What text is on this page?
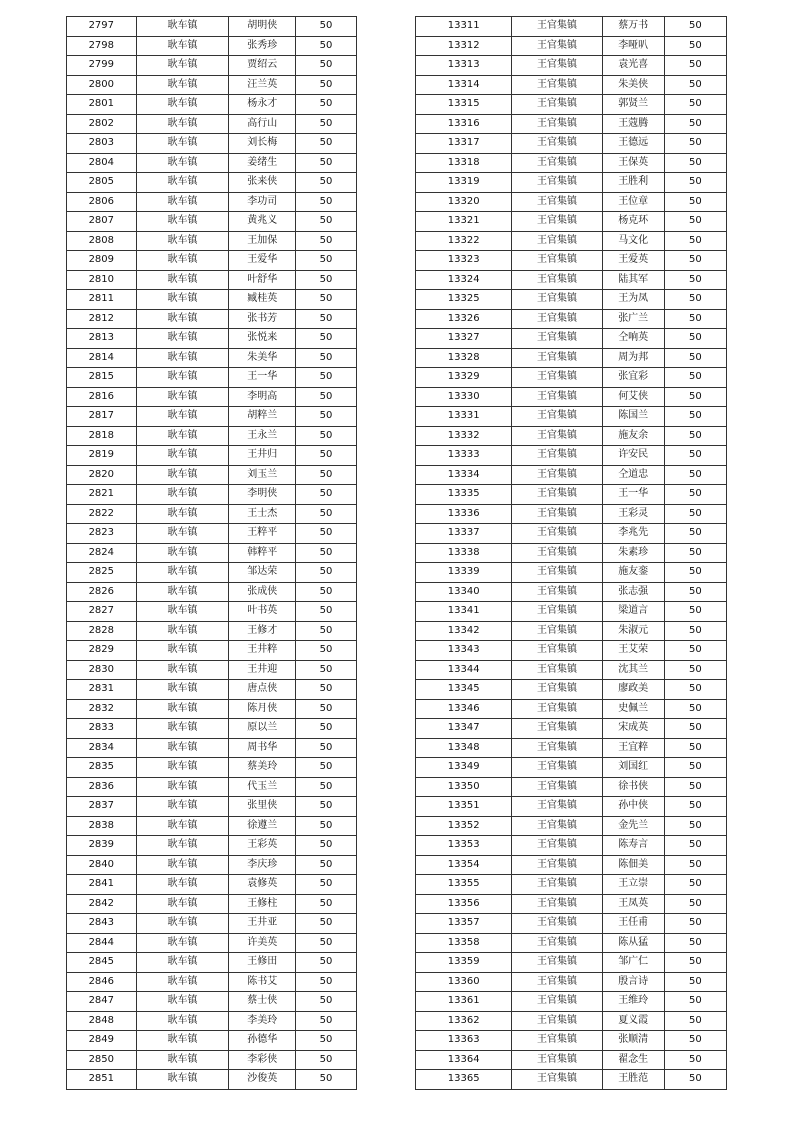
2797	耿车镇	胡明侠	50
2798	耿车镇	张秀珍	50
2799	耿车镇	贾绍云	50
2800	耿车镇	汪兰英	50
2801	耿车镇	杨永才	50
2802	耿车镇	高行山	50
2803	耿车镇	刘长梅	50
2804	耿车镇	姜绪生	50
2805	耿车镇	张来侠	50
2806	耿车镇	李功司	50
2807	耿车镇	黄兆义	50
2808	耿车镇	王加保	50
2809	耿车镇	王爱华	50
2810	耿车镇	叶舒华	50
2811	耿车镇	臧桂英	50
2812	耿车镇	张书芳	50
2813	耿车镇	张悦来	50
2814	耿车镇	朱美华	50
2815	耿车镇	王一华	50
2816	耿车镇	李明高	50
2817	耿车镇	胡粹兰	50
2818	耿车镇	王永兰	50
2819	耿车镇	王井归	50
2820	耿车镇	刘玉兰	50
2821	耿车镇	李明侠	50
2822	耿车镇	王士杰	50
2823	耿车镇	王粹平	50
2824	耿车镇	韩粹平	50
2825	耿车镇	邹达荣	50
2826	耿车镇	张成侠	50
2827	耿车镇	叶书英	50
2828	耿车镇	王修才	50
2829	耿车镇	王井粹	50
2830	耿车镇	王井迎	50
2831	耿车镇	唐点侠	50
2832	耿车镇	陈月侠	50
2833	耿车镇	原以兰	50
2834	耿车镇	周书华	50
2835	耿车镇	蔡美玲	50
2836	耿车镇	代玉兰	50
2837	耿车镇	张里侠	50
2838	耿车镇	徐遵兰	50
2839	耿车镇	王彩英	50
2840	耿车镇	李庆珍	50
2841	耿车镇	袁修英	50
2842	耿车镇	王修柱	50
2843	耿车镇	王井亚	50
2844	耿车镇	许美英	50
2845	耿车镇	王修田	50
2846	耿车镇	陈书艾	50
2847	耿车镇	蔡士侠	50
2848	耿车镇	李美玲	50
2849	耿车镇	孙德华	50
2850	耿车镇	李彩侠	50
2851	耿车镇	沙俊英	50
13311	王官集镇	蔡万书	50
13312	王官集镇	李哑叭	50
13313	王官集镇	袁光喜	50
13314	王官集镇	朱美侠	50
13315	王官集镇	郭贤兰	50
13316	王官集镇	王蔻腾	50
13317	王官集镇	王德远	50
13318	王官集镇	王保英	50
13319	王官集镇	王胜利	50
13320	王官集镇	王位章	50
13321	王官集镇	杨克环	50
13322	王官集镇	马文化	50
13323	王官集镇	王爱英	50
13324	王官集镇	陆其军	50
13325	王官集镇	王为凤	50
13326	王官集镇	张广兰	50
13327	王官集镇	仝响英	50
13328	王官集镇	周为邦	50
13329	王官集镇	张宜彩	50
13330	王官集镇	何艾侠	50
13331	王官集镇	陈国兰	50
13332	王官集镇	施友余	50
13333	王官集镇	许安民	50
13334	王官集镇	仝道忠	50
13335	王官集镇	王一华	50
13336	王官集镇	王彩灵	50
13337	王官集镇	李兆先	50
13338	王官集镇	朱素珍	50
13339	王官集镇	施友銮	50
13340	王官集镇	张志强	50
13341	王官集镇	梁道言	50
13342	王官集镇	朱淑元	50
13343	王官集镇	王艾荣	50
13344	王官集镇	沈其兰	50
13345	王官集镇	廖政美	50
13346	王官集镇	史佩兰	50
13347	王官集镇	宋成英	50
13348	王官集镇	王宜粹	50
13349	王官集镇	刘国红	50
13350	王官集镇	徐书侠	50
13351	王官集镇	孙中侠	50
13352	王官集镇	金先兰	50
13353	王官集镇	陈寿言	50
13354	王官集镇	陈佃美	50
13355	王官集镇	王立崇	50
13356	王官集镇	王凤英	50
13357	王官集镇	王任甫	50
13358	王官集镇	陈从猛	50
13359	王官集镇	邹广仁	50
13360	王官集镇	殷言诗	50
13361	王官集镇	王维玲	50
13362	王官集镇	夏义霞	50
13363	王官集镇	张顺清	50
13364	王官集镇	翟念生	50
13365	王官集镇	王胜范	50
